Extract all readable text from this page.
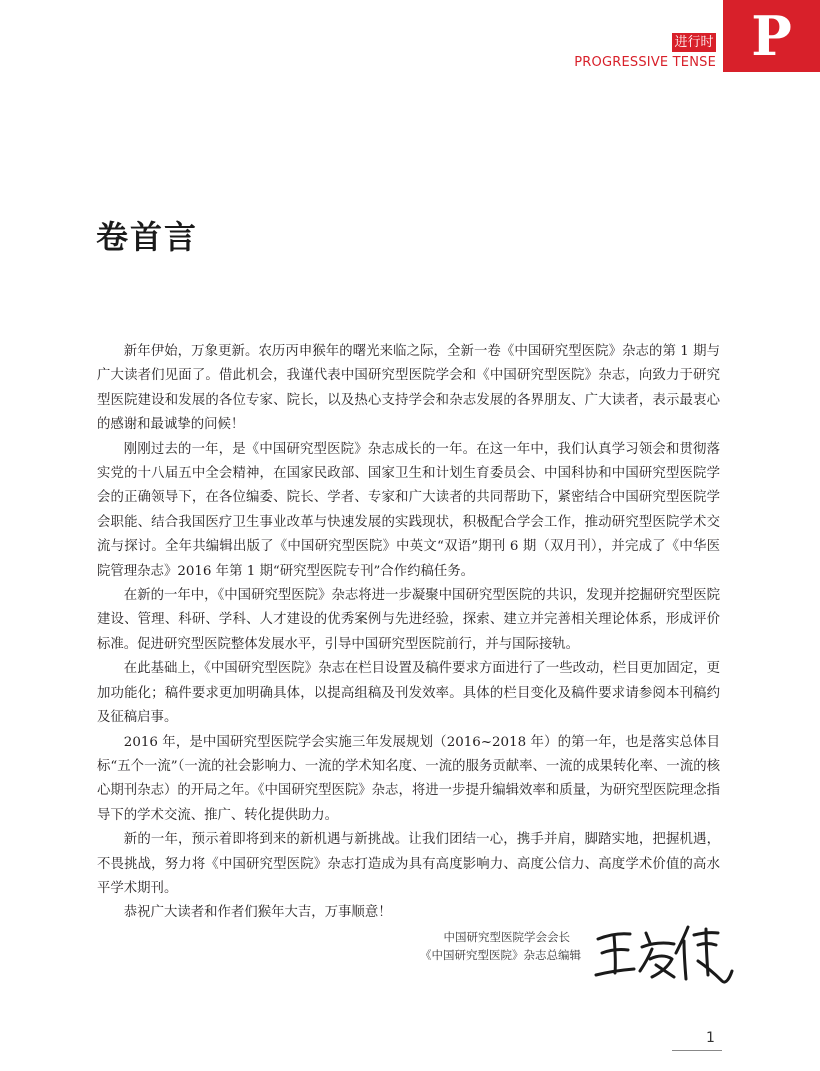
进行时
PROGRESSIVE TENSE P
卷首言

新年伊始，万象更新。农历丙申猴年的曙光来临之际，全新一卷《中国研究型医院》杂志的第 1 期与广大读者们见面了。借此机会，我谨代表中国研究型医院学会和《中国研究型医院》杂志，向致力于研究型医院建设和发展的各位专家、院长，以及热心支持学会和杂志发展的各界朋友、广大读者，表示最衷心的感谢和最诚挚的问候！

刚刚过去的一年，是《中国研究型医院》杂志成长的一年。在这一年中，我们认真学习领会和贯彻落实党的十八届五中全会精神，在国家民政部、国家卫生和计划生育委员会、中国科协和中国研究型医院学会的正确领导下，在各位编委、院长、学者、专家和广大读者的共同帮助下，紧密结合中国研究型医院学会职能、结合我国医疗卫生事业改革与快速发展的实践现状，积极配合学会工作，推动研究型医院学术交流与探讨。全年共编辑出版了《中国研究型医院》中英文“双语”期刊 6 期（双月刊），并完成了《中华医院管理杂志》2016 年第 1 期“研究型医院专刊”合作约稿任务。

在新的一年中，《中国研究型医院》杂志将进一步凝聚中国研究型医院的共识，发现并挖掘研究型医院建设、管理、科研、学科、人才建设的优秀案例与先进经验，探索、建立并完善相关理论体系，形成评价标准。促进研究型医院整体发展水平，引导中国研究型医院前行，并与国际接轨。

在此基础上，《中国研究型医院》杂志在栏目设置及稿件要求方面进行了一些改动，栏目更加固定，更加功能化；稿件要求更加明确具体，以提高组稿及刊发效率。具体的栏目变化及稿件要求请参阅本刊稿约及征稿启事。

2016 年，是中国研究型医院学会实施三年发展规划（2016~2018 年）的第一年，也是落实总体目标“五个一流”（一流的社会影响力、一流的学术知名度、一流的服务贡献率、一流的成果转化率、一流的核心期刊杂志）的开局之年。《中国研究型医院》杂志，将进一步提升编辑效率和质量，为研究型医院理念指导下的学术交流、推广、转化提供助力。

新的一年，预示着即将到来的新机遇与新挑战。让我们团结一心，携手并肩，脚踏实地，把握机遇，不畏挑战，努力将《中国研究型医院》杂志打造成为具有高度影响力、高度公信力、高度学术价值的高水平学术期刊。

恭祝广大读者和作者们猴年大吉，万事顺意！

中国研究型医院学会会长
《中国研究型医院》杂志总编辑
1
